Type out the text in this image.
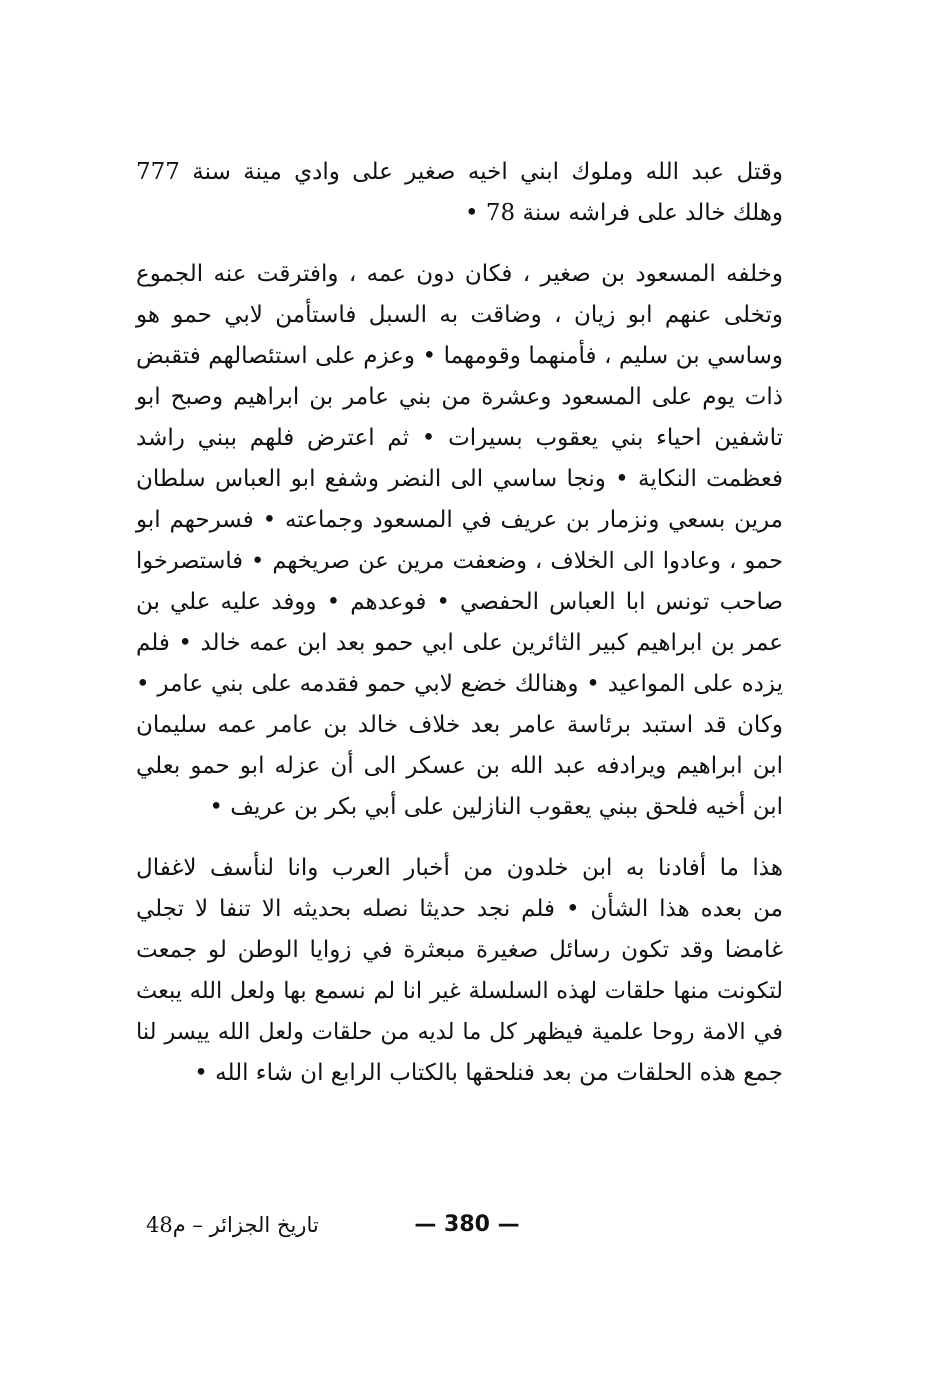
وقتل عبد الله وملوك ابني اخيه صغير على وادي مينة سنة 777
وهلك خالد على فراشه سنة 78 •
وخلفه المسعود بن صغير ، فكان دون عمه ، وافترقت عنه الجموع
وتخلى عنهم ابو زيان ، وضاقت به السبل فاستأمن لابي حمو هو
وساسي بن سليم ، فأمنهما وقومهما • وعزم على استئصالهم فتقبض
ذات يوم على المسعود وعشرة من بني عامر بن ابراهيم وصبح ابو
تاشفين احياء بني يعقوب بسيرات • ثم اعترض فلهم ببني راشد
فعظمت النكاية • ونجا ساسي الى النضر وشفع ابو العباس سلطان
مرين بسعي ونزمار بن عريف في المسعود وجماعته • فسرحهم ابو
حمو ، وعادوا الى الخلاف ، وضعفت مرين عن صريخهم • فاستصرخوا
صاحب تونس ابا العباس الحفصي • فوعدهم • ووفد عليه علي بن
عمر بن ابراهيم كبير الثائرين على ابي حمو بعد ابن عمه خالد • فلم
يزده على المواعيد • وهنالك خضع لابي حمو فقدمه على بني عامر •
وكان قد استبد برئاسة عامر بعد خلاف خالد بن عامر عمه سليمان
ابن ابراهيم ويرادفه عبد الله بن عسكر الى أن عزله ابو حمو بعلي
ابن أخيه فلحق ببني يعقوب النازلين على أبي بكر بن عريف •
هذا ما أفادنا به ابن خلدون من أخبار العرب وانا لنأسف لاغفال
من بعده هذا الشأن • فلم نجد حديثا نصله بحديثه الا تنفا لا تجلي
غامضا وقد تكون رسائل صغيرة مبعثرة في زوايا الوطن لو جمعت
لتكونت منها حلقات لهذه السلسلة غير انا لم نسمع بها ولعل الله يبعث
في الامة روحا علمية فيظهر كل ما لديه من حلقات ولعل الله ييسر لنا
جمع هذه الحلقات من بعد فنلحقها بالكتاب الرابع ان شاء الله •
تاريخ الجزائر – م48	— 380 —
